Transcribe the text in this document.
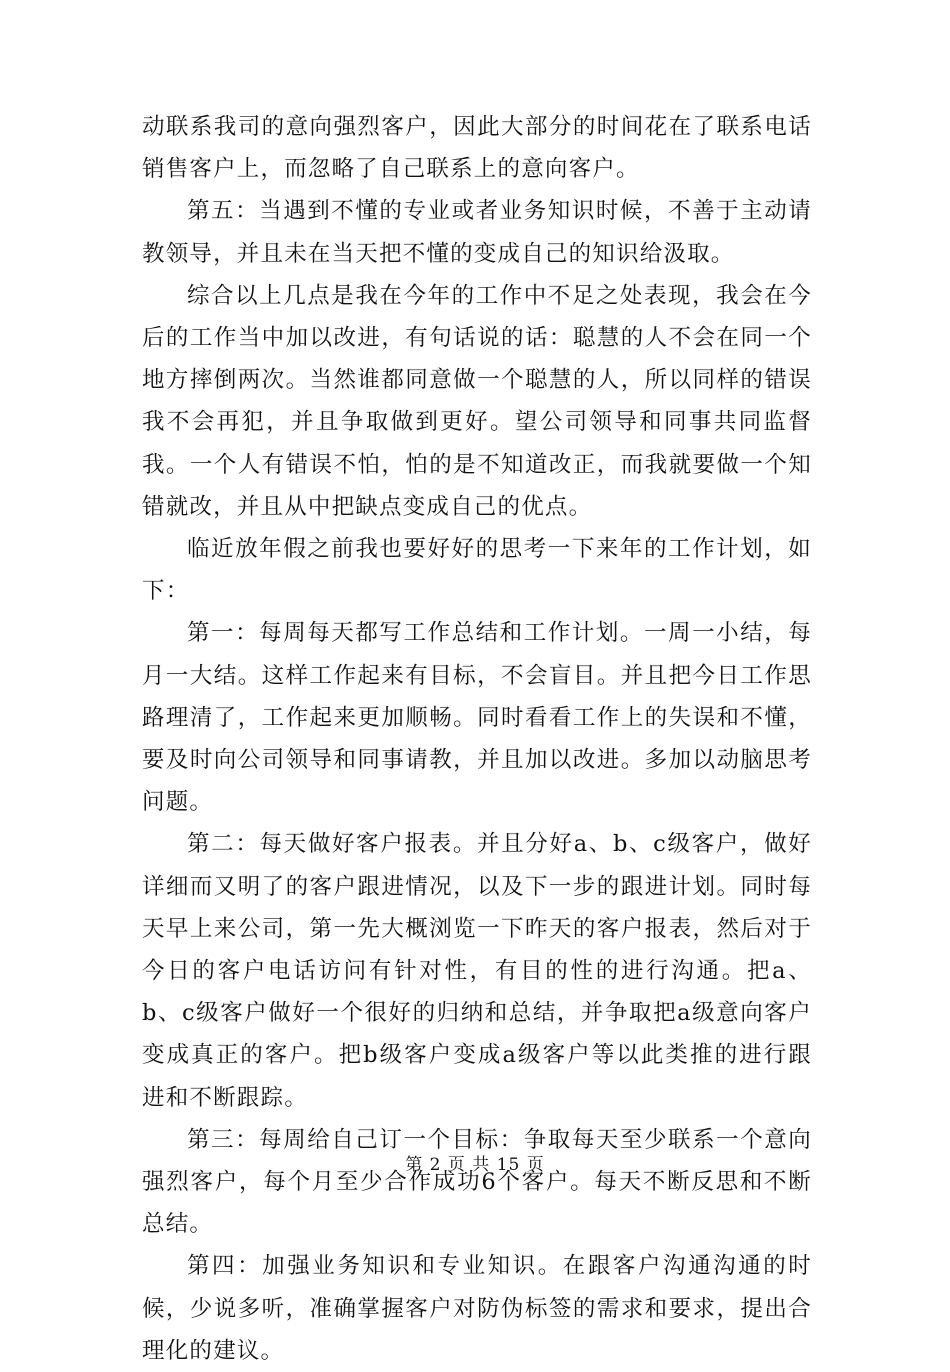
动联系我司的意向强烈客户，因此大部分的时间花在了联系电话销售客户上，而忽略了自己联系上的意向客户。

第五：当遇到不懂的专业或者业务知识时候，不善于主动请教领导，并且未在当天把不懂的变成自己的知识给汲取。

综合以上几点是我在今年的工作中不足之处表现，我会在今后的工作当中加以改进，有句话说的话：聪慧的人不会在同一个地方摔倒两次。当然谁都同意做一个聪慧的人，所以同样的错误我不会再犯，并且争取做到更好。望公司领导和同事共同监督我。一个人有错误不怕，怕的是不知道改正，而我就要做一个知错就改，并且从中把缺点变成自己的优点。

临近放年假之前我也要好好的思考一下来年的工作计划，如下：

第一：每周每天都写工作总结和工作计划。一周一小结，每月一大结。这样工作起来有目标，不会盲目。并且把今日工作思路理清了，工作起来更加顺畅。同时看看工作上的失误和不懂，要及时向公司领导和同事请教，并且加以改进。多加以动脑思考问题。

第二：每天做好客户报表。并且分好a、b、c级客户，做好详细而又明了的客户跟进情况，以及下一步的跟进计划。同时每天早上来公司，第一先大概浏览一下昨天的客户报表，然后对于今日的客户电话访问有针对性，有目的性的进行沟通。把a、b、c级客户做好一个很好的归纳和总结，并争取把a级意向客户变成真正的客户。把b级客户变成a级客户等以此类推的进行跟进和不断跟踪。

第三：每周给自己订一个目标：争取每天至少联系一个意向强烈客户，每个月至少合作成功6个客户。每天不断反思和不断总结。

第四：加强业务知识和专业知识。在跟客户沟通沟通的时候，少说多听，准确掌握客户对防伪标签的需求和要求，提出合理化的建议。

第 2 页 共 15 页
